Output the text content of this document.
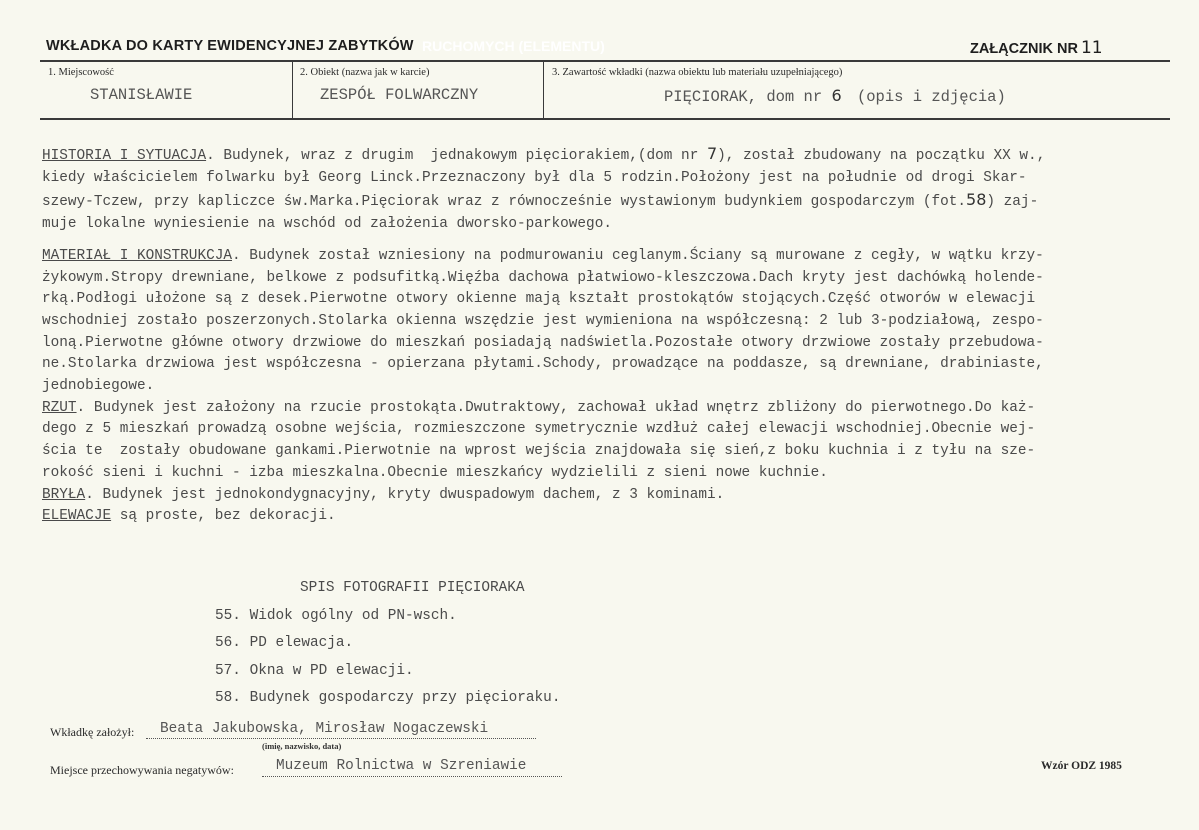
WKŁADKA DO KARTY EWIDENCYJNEJ ZABYTKÓW RUCHOMYCH (ELEMENTU)	ZAŁĄCZNIK NR 11
1. Miejscowość
STANISŁAWIE
2. Obiekt (nazwa jak w karcie)
ZESPÓŁ FOLWARCZNY
3. Zawartość wkładki (nazwa obiektu lub materiału uzupełniającego)
PIĘCIORAK, dom nr 6 (opis i zdjęcia)
HISTORIA I SYTUACJA. Budynek, wraz z drugim  jednakowym pięciorakiem,(dom nr 7), został zbudowany na początku XX w.,
kiedy właścicielem folwarku był Georg Linck.Przeznaczony był dla 5 rodzin.Położony jest na południe od drogi Skar-
szewy-Tczew, przy kapliczce św.Marka.Pięciorak wraz z równocześnie wystawionym budynkiem gospodarczym (fot.58) zaj-
muje lokalne wyniesienie na wschód od założenia dworsko-parkowego.
MATERIAŁ I KONSTRUKCJA. Budynek został wzniesiony na podmurowaniu ceglanym.Ściany są murowane z cegły, w wątku krzy-
żykowym.Stropy drewniane, belkowe z podsufitką.Więźba dachowa płatwiowo-kleszczowa.Dach kryty jest dachówką holende-
rką.Podłogi ułożone są z desek.Pierwotne otwory okienne mają kształt prostokątów stojących.Część otworów w elewacji
wschodniej zostało poszerzonych.Stolarka okienna wszędzie jest wymieniona na współczesną: 2 lub 3-podziałową, zespo-
loną.Pierwotne główne otwory drzwiowe do mieszkań posiadają nadświetla.Pozostałe otwory drzwiowe zostały przebudowa-
ne.Stolarka drzwiowa jest współczesna - opierzana płytami.Schody, prowadzące na poddasze, są drewniane, drabiniaste,
jednobiegowe.
RZUT. Budynek jest założony na rzucie prostokąta.Dwutraktowy, zachował układ wnętrz zbliżony do pierwotnego.Do każ-
dego z 5 mieszkań prowadzą osobne wejścia, rozmieszczone symetrycznie wzdłuż całej elewacji wschodniej.Obecnie wej-
ścia te  zostały obudowane gankami.Pierwotnie na wprost wejścia znajdowała się sień,z boku kuchnia i z tyłu na sze-
rokość sieni i kuchni - izba mieszkalna.Obecnie mieszkańcy wydzielili z sieni nowe kuchnie.
BRYŁA. Budynek jest jednokondygnacyjny, kryty dwuspadowym dachem, z 3 kominami.
ELEWACJE są proste, bez dekoracji.
SPIS FOTOGRAFII PIĘCIORAKA
55. Widok ogólny od PN-wsch.
56. PD elewacja.
57. Okna w PD elewacji.
58. Budynek gospodarczy przy pięcioraku.
Wkładkę założył: Beata Jakubowska, Mirosław Nogaczewski
(imię, nazwisko, data)
Miejsce przechowywania negatywów:	Muzeum Rolnictwa w Szreniawie	Wzór ODZ 1985
